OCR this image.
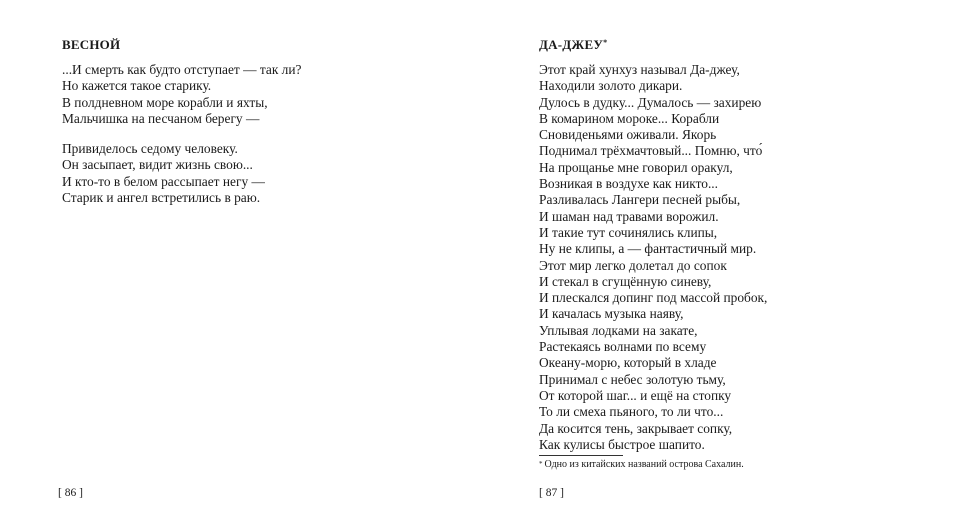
ВЕСНОЙ
...И смерть как будто отступает — так ли?
Но кажется такое старику.
В полдневном море корабли и яхты,
Мальчишка на песчаном берегу —
Привиделось седому человеку.
Он засыпает, видит жизнь свою...
И кто-то в белом рассыпает негу —
Старик и ангел встретились в раю.
[ 86 ]
ДА-ДЖЕУ*
Этот край хунхуз называл Да-джеу,
Находили золото дикари.
Дулось в дудку... Думалось — захирею
В комарином мороке... Корабли
Сновиденьями оживали. Якорь
Поднимал трёхмачтовый... Помню, что́
На прощанье мне говорил оракул,
Возникая в воздухе как никто...
Разливалась Лангери песней рыбы,
И шаман над травами ворожил.
И такие тут сочинялись клипы,
Ну не клипы, а — фантастичный мир.
Этот мир легко долетал до сопок
И стекал в сгущённую синеву,
И плескался допинг под массой пробок,
И качалась музыка наяву,
Уплывая лодками на закате,
Растекаясь волнами по всему
Океану-морю, который в хладе
Принимал с небес золотую тьму,
От которой шаг... и ещё на стопку
То ли смеха пьяного, то ли что...
Да косится тень, закрывает сопку,
Как кулисы быстрое шапито.
* Одно из китайских названий острова Сахалин.
[ 87 ]
